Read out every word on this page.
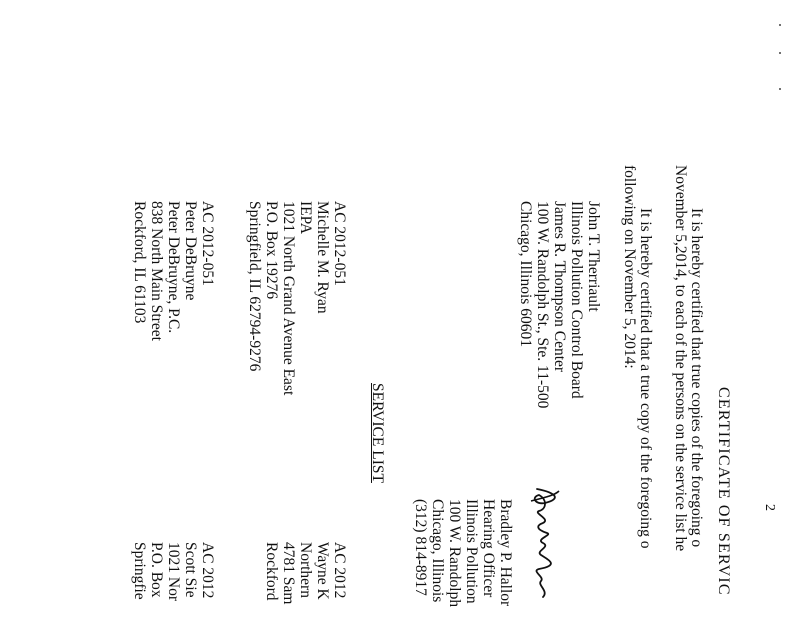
2
CERTIFICATE OF SERVIC
It is hereby certified that true copies of the foregoing o
November 5,2014, to each of the persons on the service list he
It is hereby certified that a true copy of the foregoing o
following on November 5, 2014:
John T. Therriault
Illinois Pollution Control Board
James R. Thompson Center
100 W. Randolph St., Ste. 11-500
Chicago, Illinois 60601
Bradley P. Hallor
Hearing Officer
Illinois Pollution
100 W. Randolph
Chicago, Illinois
(312) 814-8917
SERVICE LIST
AC 2012-051
Michelle M. Ryan
IEPA
1021 North Grand Avenue East
P.O. Box 19276
Springfield, IL 62794-9276
AC 2012
Wayne K
Northern
4781 Sam
Rockford
AC 2012-051
Peter DeBruyne
Peter DeBruyne, P.C.
838 North Main Street
Rockford, IL 61103
AC 2012
Scott Sie
1021 Nor
P.O. Box
Springfie
